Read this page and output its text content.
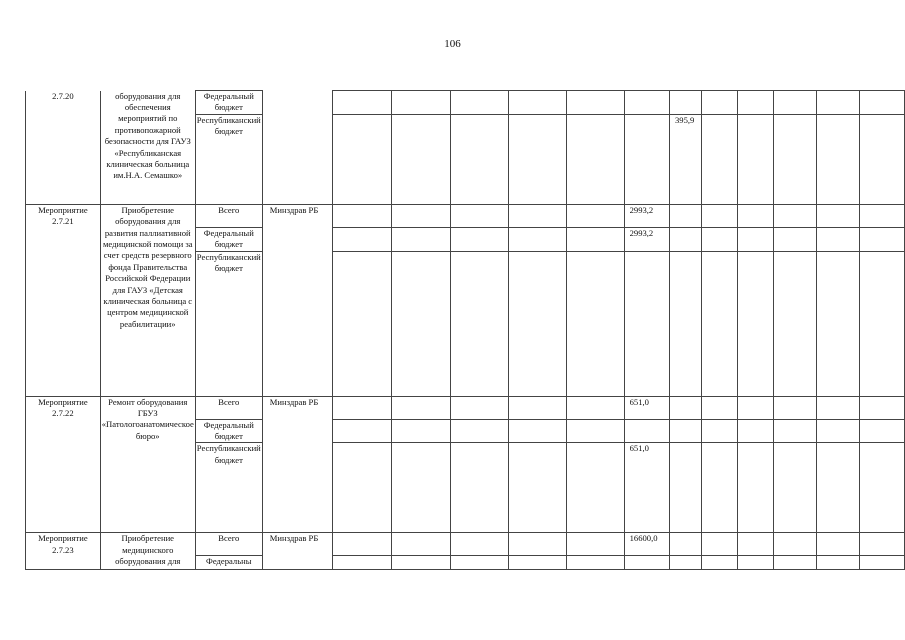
106
2.7.20	оборудования для обеспечения мероприятий по противопожарной безопасности для ГАУЗ «Республиканская клиническая больница им.Н.А. Семашко»	Федеральный бюджет													
		Республиканский бюджет								395,9					
Мероприятие 2.7.21	Приобретение оборудования для развития паллиативной медицинской помощи за счет средств резервного фонда Правительства Российской Федерации для ГАУЗ «Детская клиническая больница с центром медицинской реабилитации»	Всего	Минздрав РБ						2993,2						
		Федеральный бюджет							2993,2						
		Республиканский бюджет													
Мероприятие 2.7.22	Ремонт оборудования ГБУЗ «Патологоанатомическое бюро»	Всего	Минздрав РБ						651,0						
		Федеральный бюджет													
		Республиканский бюджет							651,0						
Мероприятие 2.7.23	Приобретение медицинского оборудования для	Всего	Минздрав РБ						16600,0						
		Федеральны													
